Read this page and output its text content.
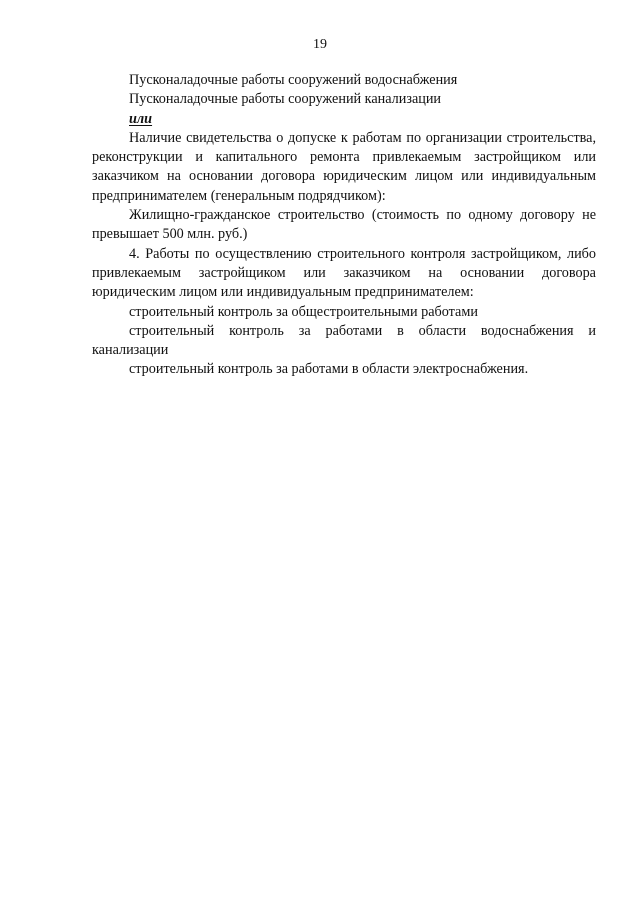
19

Пусконаладочные работы сооружений водоснабжения

Пусконаладочные работы сооружений канализации

или

Наличие свидетельства о допуске к работам по организации строительства, реконструкции и капитального ремонта привлекаемым застройщиком или заказчиком на основании договора юридическим лицом или индивидуальным предпринимателем (генеральным подрядчиком):

Жилищно-гражданское строительство (стоимость по одному договору не превышает 500 млн. руб.)

4. Работы по осуществлению строительного контроля застройщиком, либо привлекаемым застройщиком или заказчиком на основании договора юридическим лицом или индивидуальным предпринимателем:

строительный контроль за общестроительными работами

строительный контроль за работами в области водоснабжения и канализации

строительный контроль за работами в области электроснабжения.
